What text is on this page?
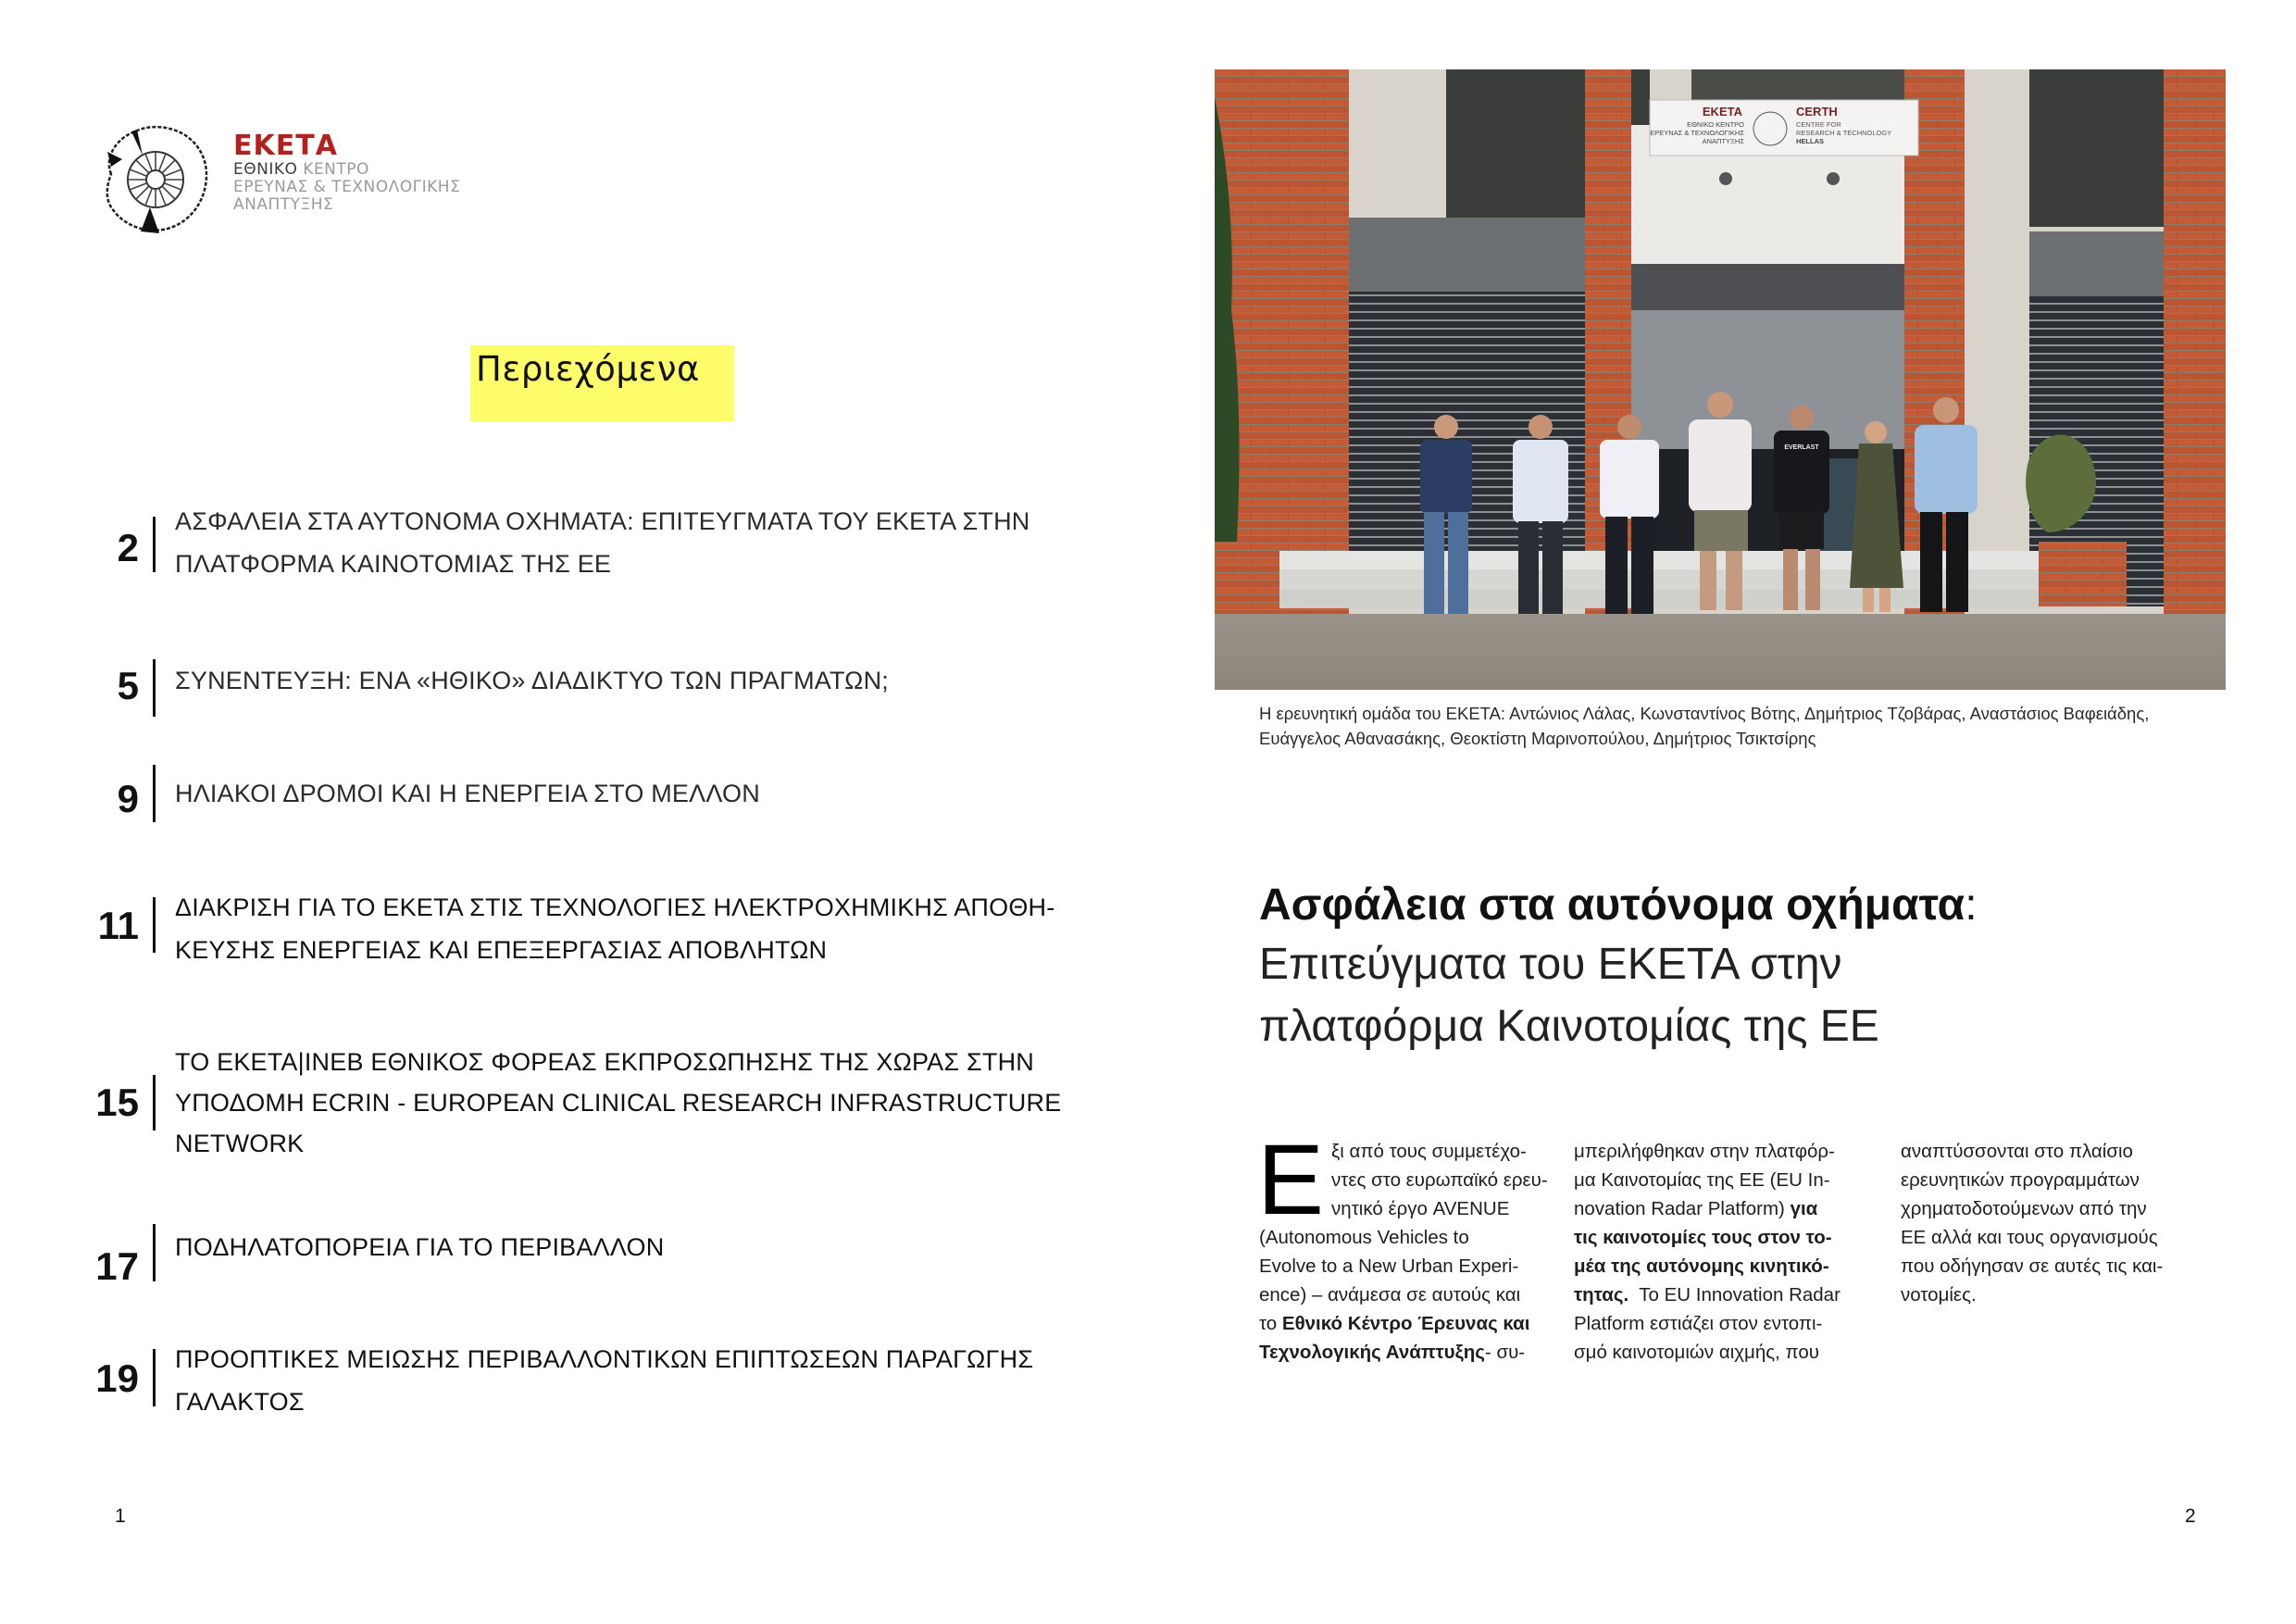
ΕΚΕΤΑ
ΕΘΝΙΚΟ ΚΕΝΤΡΟ
ΕΡΕΥΝΑΣ & ΤΕΧΝΟΛΟΓΙΚΗΣ
ΑΝΑΠΤΥΞΗΣ
Περιεχόμενα
2
ΑΣΦΑΛΕΙΑ ΣΤΑ ΑΥΤΟΝΟΜΑ ΟΧΗΜΑΤΑ: ΕΠΙΤΕΥΓΜΑΤΑ ΤΟΥ ΕΚΕΤΑ ΣΤΗΝ
ΠΛΑΤΦΟΡΜΑ ΚΑΙΝΟΤΟΜΙΑΣ ΤΗΣ ΕΕ
5 ΣΥΝΕΝΤΕΥΞΗ: ΕΝΑ «ΗΘΙΚΟ» ΔΙΑΔΙΚΤΥΟ ΤΩΝ ΠΡΑΓΜΑΤΩΝ;
9 ΗΛΙΑΚΟΙ ΔΡΟΜΟΙ ΚΑΙ Η ΕΝΕΡΓΕΙΑ ΣΤΟ ΜΕΛΛΟΝ
11 ΔΙΑΚΡΙΣΗ ΓΙΑ ΤΟ ΕΚΕΤΑ ΣΤΙΣ ΤΕΧΝΟΛΟΓΙΕΣ ΗΛΕΚΤΡΟΧΗΜΙΚΗΣ ΑΠΟΘΗ-
ΚΕΥΣΗΣ ΕΝΕΡΓΕΙΑΣ ΚΑΙ ΕΠΕΞΕΡΓΑΣΙΑΣ ΑΠΟΒΛΗΤΩΝ
15
ΤΟ ΕΚΕΤΑ|ΙΝΕΒ ΕΘΝΙΚΟΣ ΦΟΡΕΑΣ ΕΚΠΡΟΣΩΠΗΣΗΣ ΤΗΣ ΧΩΡΑΣ ΣΤΗΝ
ΥΠΟΔΟΜΗ ECRIN - EUROPEAN CLINICAL RESEARCH INFRASTRUCTURE
NETWORK
17 ΠΟΔΗΛΑΤΟΠΟΡΕΙΑ ΓΙΑ ΤΟ ΠΕΡΙΒΑΛΛΟΝ
19 ΠΡΟΟΠΤΙΚΕΣ ΜΕΙΩΣΗΣ ΠΕΡΙΒΑΛΛΟΝΤΙΚΩΝ ΕΠΙΠΤΩΣΕΩΝ ΠΑΡΑΓΩΓΗΣ
ΓΑΛΑΚΤΟΣ
1
ΕΚΕΤΑ
ΕΘΝΙΚΟ ΚΕΝΤΡΟ
ΕΡΕΥΝΑΣ & ΤΕΧΝΟΛΟΓΙΚΗΣ
ΑΝΑΠΤΥΞΗΣ
CERTH
CENTRE FOR
RESEARCH & TECHNOLOGY
HELLAS
EVERLAST
Η ερευνητική ομάδα του ΕΚΕΤΑ: Αντώνιος Λάλας, Κωνσταντίνος Βότης, Δημήτριος Τζοβάρας, Αναστάσιος Βαφειάδης,
Ευάγγελος Αθανασάκης, Θεοκτίστη Μαρινοπούλου, Δημήτριος Τσικτσίρης
Ασφάλεια στα αυτόνομα οχήματα:
Επιτεύγματα του ΕΚΕΤΑ στην
πλατφόρμα Καινοτομίας της ΕΕ
Ε ξι από τους συμμετέχο-
ντες στο ευρωπαϊκό ερευ-
νητικό έργο AVENUE
(Autonomous Vehicles to
Evolve to a New Urban Experi-
ence) – ανάμεσα σε αυτούς και
το Εθνικό Κέντρο Έρευνας και
Τεχνολογικής Ανάπτυξης- συ-
μπεριλήφθηκαν στην πλατφόρ-
μα Καινοτομίας της ΕΕ (EU In-
novation Radar Platform) για
τις καινοτομίες τους στον το-
μέα της αυτόνομης κινητικό-
τητας.  Το EU Innovation Radar
Platform εστιάζει στον εντοπι-
σμό καινοτομιών αιχμής, που
αναπτύσσονται στο πλαίσιο
ερευνητικών προγραμμάτων
χρηματοδοτούμενων από την
ΕΕ αλλά και τους οργανισμούς
που οδήγησαν σε αυτές τις και-
νοτομίες.
2
